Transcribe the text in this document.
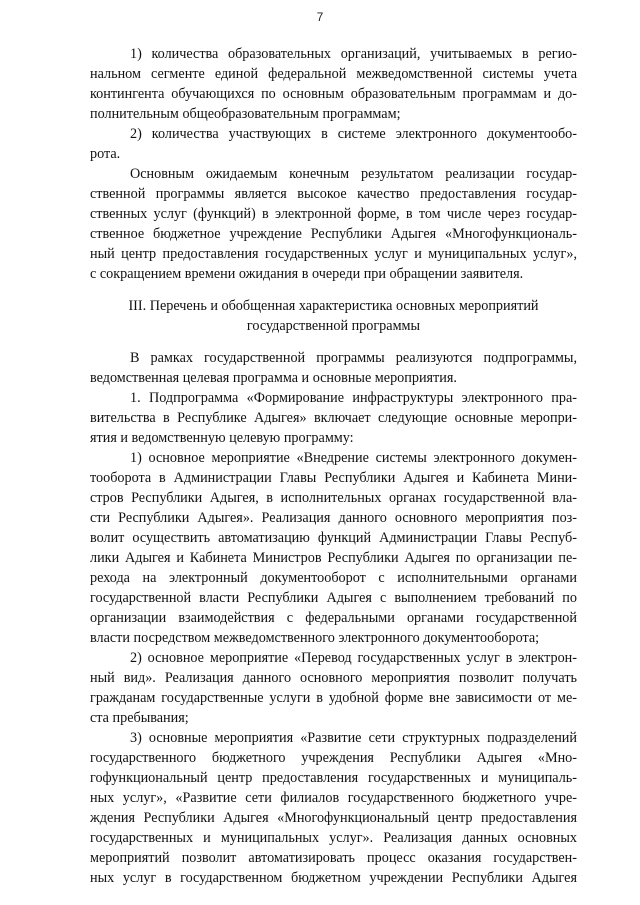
7
1) количества образовательных организаций, учитываемых в регио-
нальном сегменте единой федеральной межведомственной системы учета
контингента обучающихся по основным образовательным программам и до-
полнительным общеобразовательным программам;
2) количества участвующих в системе электронного документообо-
рота.
Основным ожидаемым конечным результатом реализации государ-
ственной программы является высокое качество предоставления государ-
ственных услуг (функций) в электронной форме, в том числе через государ-
ственное бюджетное учреждение Республики Адыгея «Многофункциональ-
ный центр предоставления государственных услуг и муниципальных услуг»,
с сокращением времени ожидания в очереди при обращении заявителя.
III. Перечень и обобщенная характеристика основных мероприятий
государственной программы
В рамках государственной программы реализуются подпрограммы,
ведомственная целевая программа и основные мероприятия.
1. Подпрограмма «Формирование инфраструктуры электронного пра-
вительства в Республике Адыгея» включает следующие основные меропри-
ятия и ведомственную целевую программу:
1) основное мероприятие «Внедрение системы электронного докумен-
тооборота в Администрации Главы Республики Адыгея и Кабинета Мини-
стров Республики Адыгея, в исполнительных органах государственной вла-
сти Республики Адыгея». Реализация данного основного мероприятия поз-
волит осуществить автоматизацию функций Администрации Главы Респуб-
лики Адыгея и Кабинета Министров Республики Адыгея по организации пе-
рехода на электронный документооборот с исполнительными органами
государственной власти Республики Адыгея с выполнением требований по
организации взаимодействия с федеральными органами государственной
власти посредством межведомственного электронного документооборота;
2) основное мероприятие «Перевод государственных услуг в электрон-
ный вид». Реализация данного основного мероприятия позволит получать
гражданам государственные услуги в удобной форме вне зависимости от ме-
ста пребывания;
3) основные мероприятия «Развитие сети структурных подразделений
государственного бюджетного учреждения Республики Адыгея «Мно-
гофункциональный центр предоставления государственных и муниципаль-
ных услуг», «Развитие сети филиалов государственного бюджетного учре-
ждения Республики Адыгея «Многофункциональный центр предоставления
государственных и муниципальных услуг». Реализация данных основных
мероприятий позволит автоматизировать процесс оказания государствен-
ных услуг в государственном бюджетном учреждении Республики Адыгея
